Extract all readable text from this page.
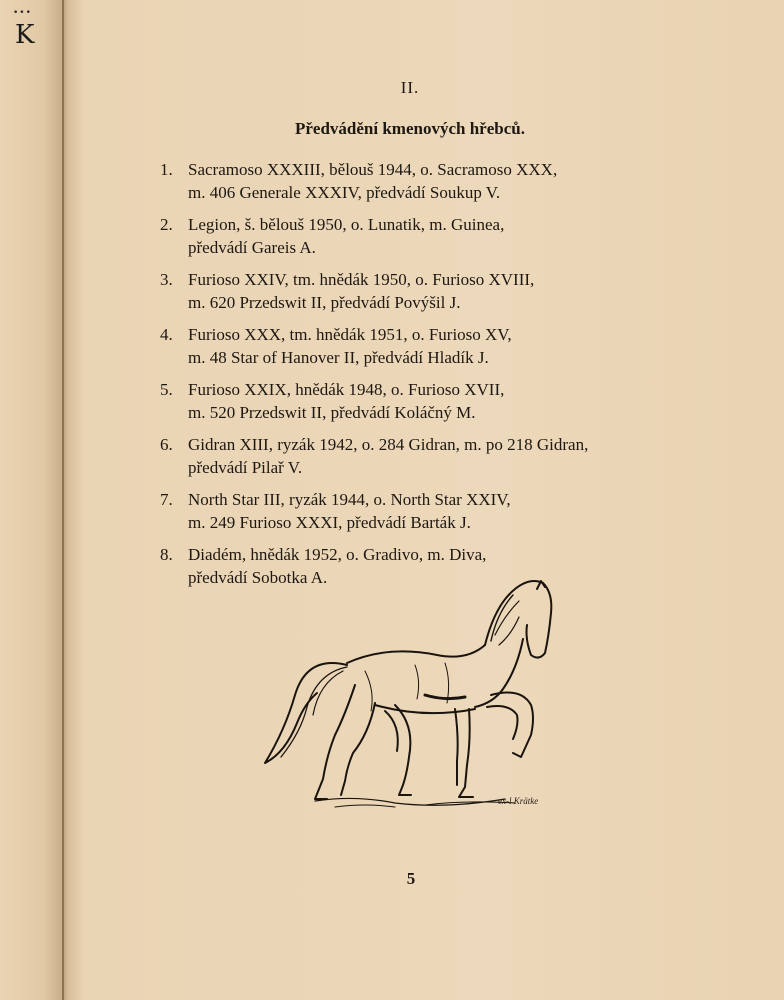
•••
K
II.
Předvádění kmenových hřebců.
1. Sacramoso XXXIII, bělouš 1944, o. Sacramoso XXX,
m. 406 Generale XXXIV, předvádí Soukup V.
2. Legion, š. bělouš 1950, o. Lunatik, m. Guinea,
předvádí Gareis A.
3. Furioso XXIV, tm. hnědák 1950, o. Furioso XVIII,
m. 620 Przedswit II, předvádí Povýšil J.
4. Furioso XXX, tm. hnědák 1951, o. Furioso XV,
m. 48 Star of Hanover II, předvádí Hladík J.
5. Furioso XXIX, hnědák 1948, o. Furioso XVII,
m. 520 Przedswit II, předvádí Koláčný M.
6. Gidran XIII, ryzák 1942, o. 284 Gidran, m. po 218 Gidran,
předvádí Pilař V.
7. North Star III, ryzák 1944, o. North Star XXIV,
m. 249 Furioso XXXI, předvádí Barták J.
8. Diadém, hnědák 1952, o. Gradivo, m. Diva,
předvádí Sobotka A.
ex-l Krätke
5
